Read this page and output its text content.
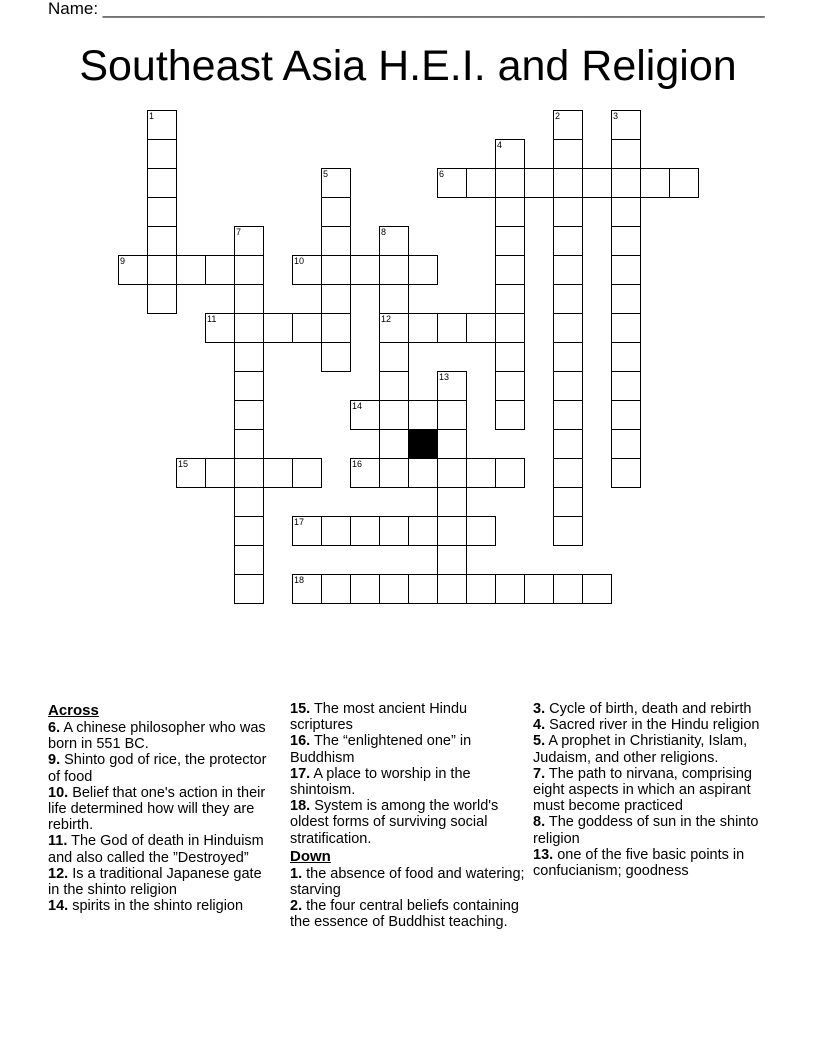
Name: ______________________________________________________________________
Southeast Asia H.E.I. and Religion
1	2	3
4
5	6
7	8
12
9	10
11
13
14
15	16
17
18
Across
6. A chinese philosopher who was born in 551 BC.
9. Shinto god of rice, the protector of food
10. Belief that one's action in their life determined how will they are rebirth.
11. The God of death in Hinduism and also called the ”Destroyed”
12. Is a traditional Japanese gate in the shinto religion
14. spirits in the shinto religion
15. The most ancient Hindu scriptures
16. The “enlightened one” in Buddhism
17. A place to worship in the shintoism.
18. System is among the world's oldest forms of surviving social stratification.
Down
1. the absence of food and watering; starving
2. the four central beliefs containing the essence of Buddhist teaching.
3. Cycle of birth, death and rebirth
4. Sacred river in the Hindu religion
5. A prophet in Christianity, Islam, Judaism, and other religions.
7. The path to nirvana, comprising eight aspects in which an aspirant must become practiced
8. The goddess of sun in the shinto religion
13. one of the five basic points in confucianism; goodness
